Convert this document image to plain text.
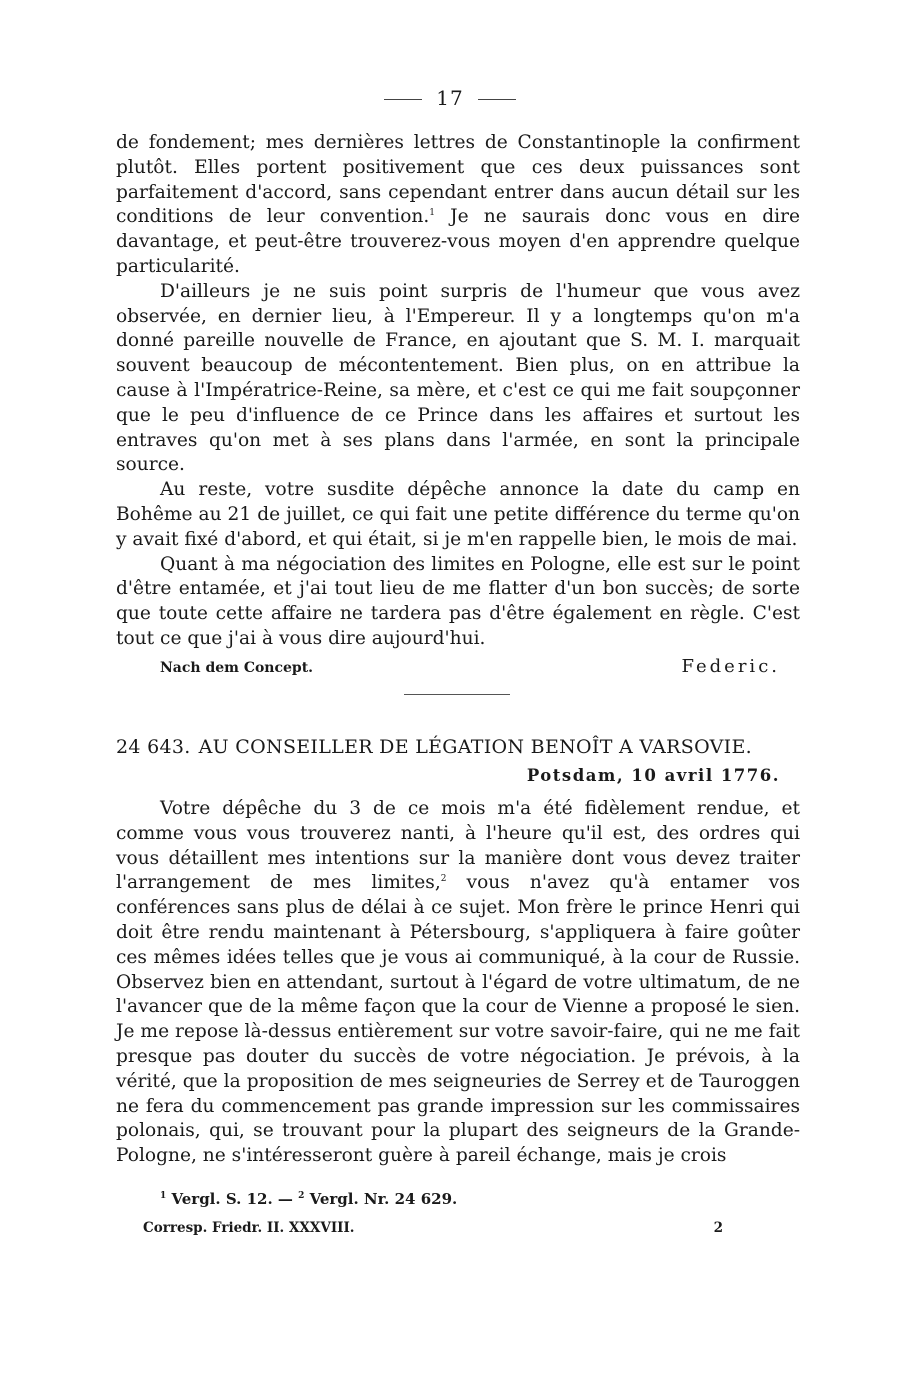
17

de fondement; mes dernières lettres de Constantinople la confirment plutôt. Elles portent positivement que ces deux puissances sont parfaitement d'accord, sans cependant entrer dans aucun détail sur les conditions de leur convention.$^1$ Je ne saurais donc vous en dire davantage, et peut-être trouverez-vous moyen d'en apprendre quelque particularité.

D'ailleurs je ne suis point surpris de l'humeur que vous avez observée, en dernier lieu, à l'Empereur. Il y a longtemps qu'on m'a donné pareille nouvelle de France, en ajoutant que S. M. I. marquait souvent beaucoup de mécontentement. Bien plus, on en attribue la cause à l'Impératrice-Reine, sa mère, et c'est ce qui me fait soupçonner que le peu d'influence de ce Prince dans les affaires et surtout les entraves qu'on met à ses plans dans l'armée, en sont la principale source.

Au reste, votre susdite dépêche annonce la date du camp en Bohême au 21 de juillet, ce qui fait une petite différence du terme qu'on y avait fixé d'abord, et qui était, si je m'en rappelle bien, le mois de mai.

Quant à ma négociation des limites en Pologne, elle est sur le point d'être entamée, et j'ai tout lieu de me flatter d'un bon succès; de sorte que toute cette affaire ne tardera pas d'être également en règle. C'est tout ce que j'ai à vous dire aujourd'hui.

Nach dem Concept.	Federic.
24 643. AU CONSEILLER DE LÉGATION BENOÎT A VARSOVIE.
Potsdam, 10 avril 1776.

Votre dépêche du 3 de ce mois m'a été fidèlement rendue, et comme vous vous trouverez nanti, à l'heure qu'il est, des ordres qui vous détaillent mes intentions sur la manière dont vous devez traiter l'arrangement de mes limites,$^2$ vous n'avez qu'à entamer vos conférences sans plus de délai à ce sujet. Mon frère le prince Henri qui doit être rendu maintenant à Pétersbourg, s'appliquera à faire goûter ces mêmes idées telles que je vous ai communiqué, à la cour de Russie. Observez bien en attendant, surtout à l'égard de votre ultimatum, de ne l'avancer que de la même façon que la cour de Vienne a proposé le sien. Je me repose là-dessus entièrement sur votre savoir-faire, qui ne me fait presque pas douter du succès de votre négociation. Je prévois, à la vérité, que la proposition de mes seigneuries de Serrey et de Tauroggen ne fera du commencement pas grande impression sur les commissaires polonais, qui, se trouvant pour la plupart des seigneurs de la Grande-Pologne, ne s'intéresseront guère à pareil échange, mais je crois

$^1$ Vergl. S. 12. — $^2$ Vergl. Nr. 24 629.
Corresp. Friedr. II. XXXVIII.	2
